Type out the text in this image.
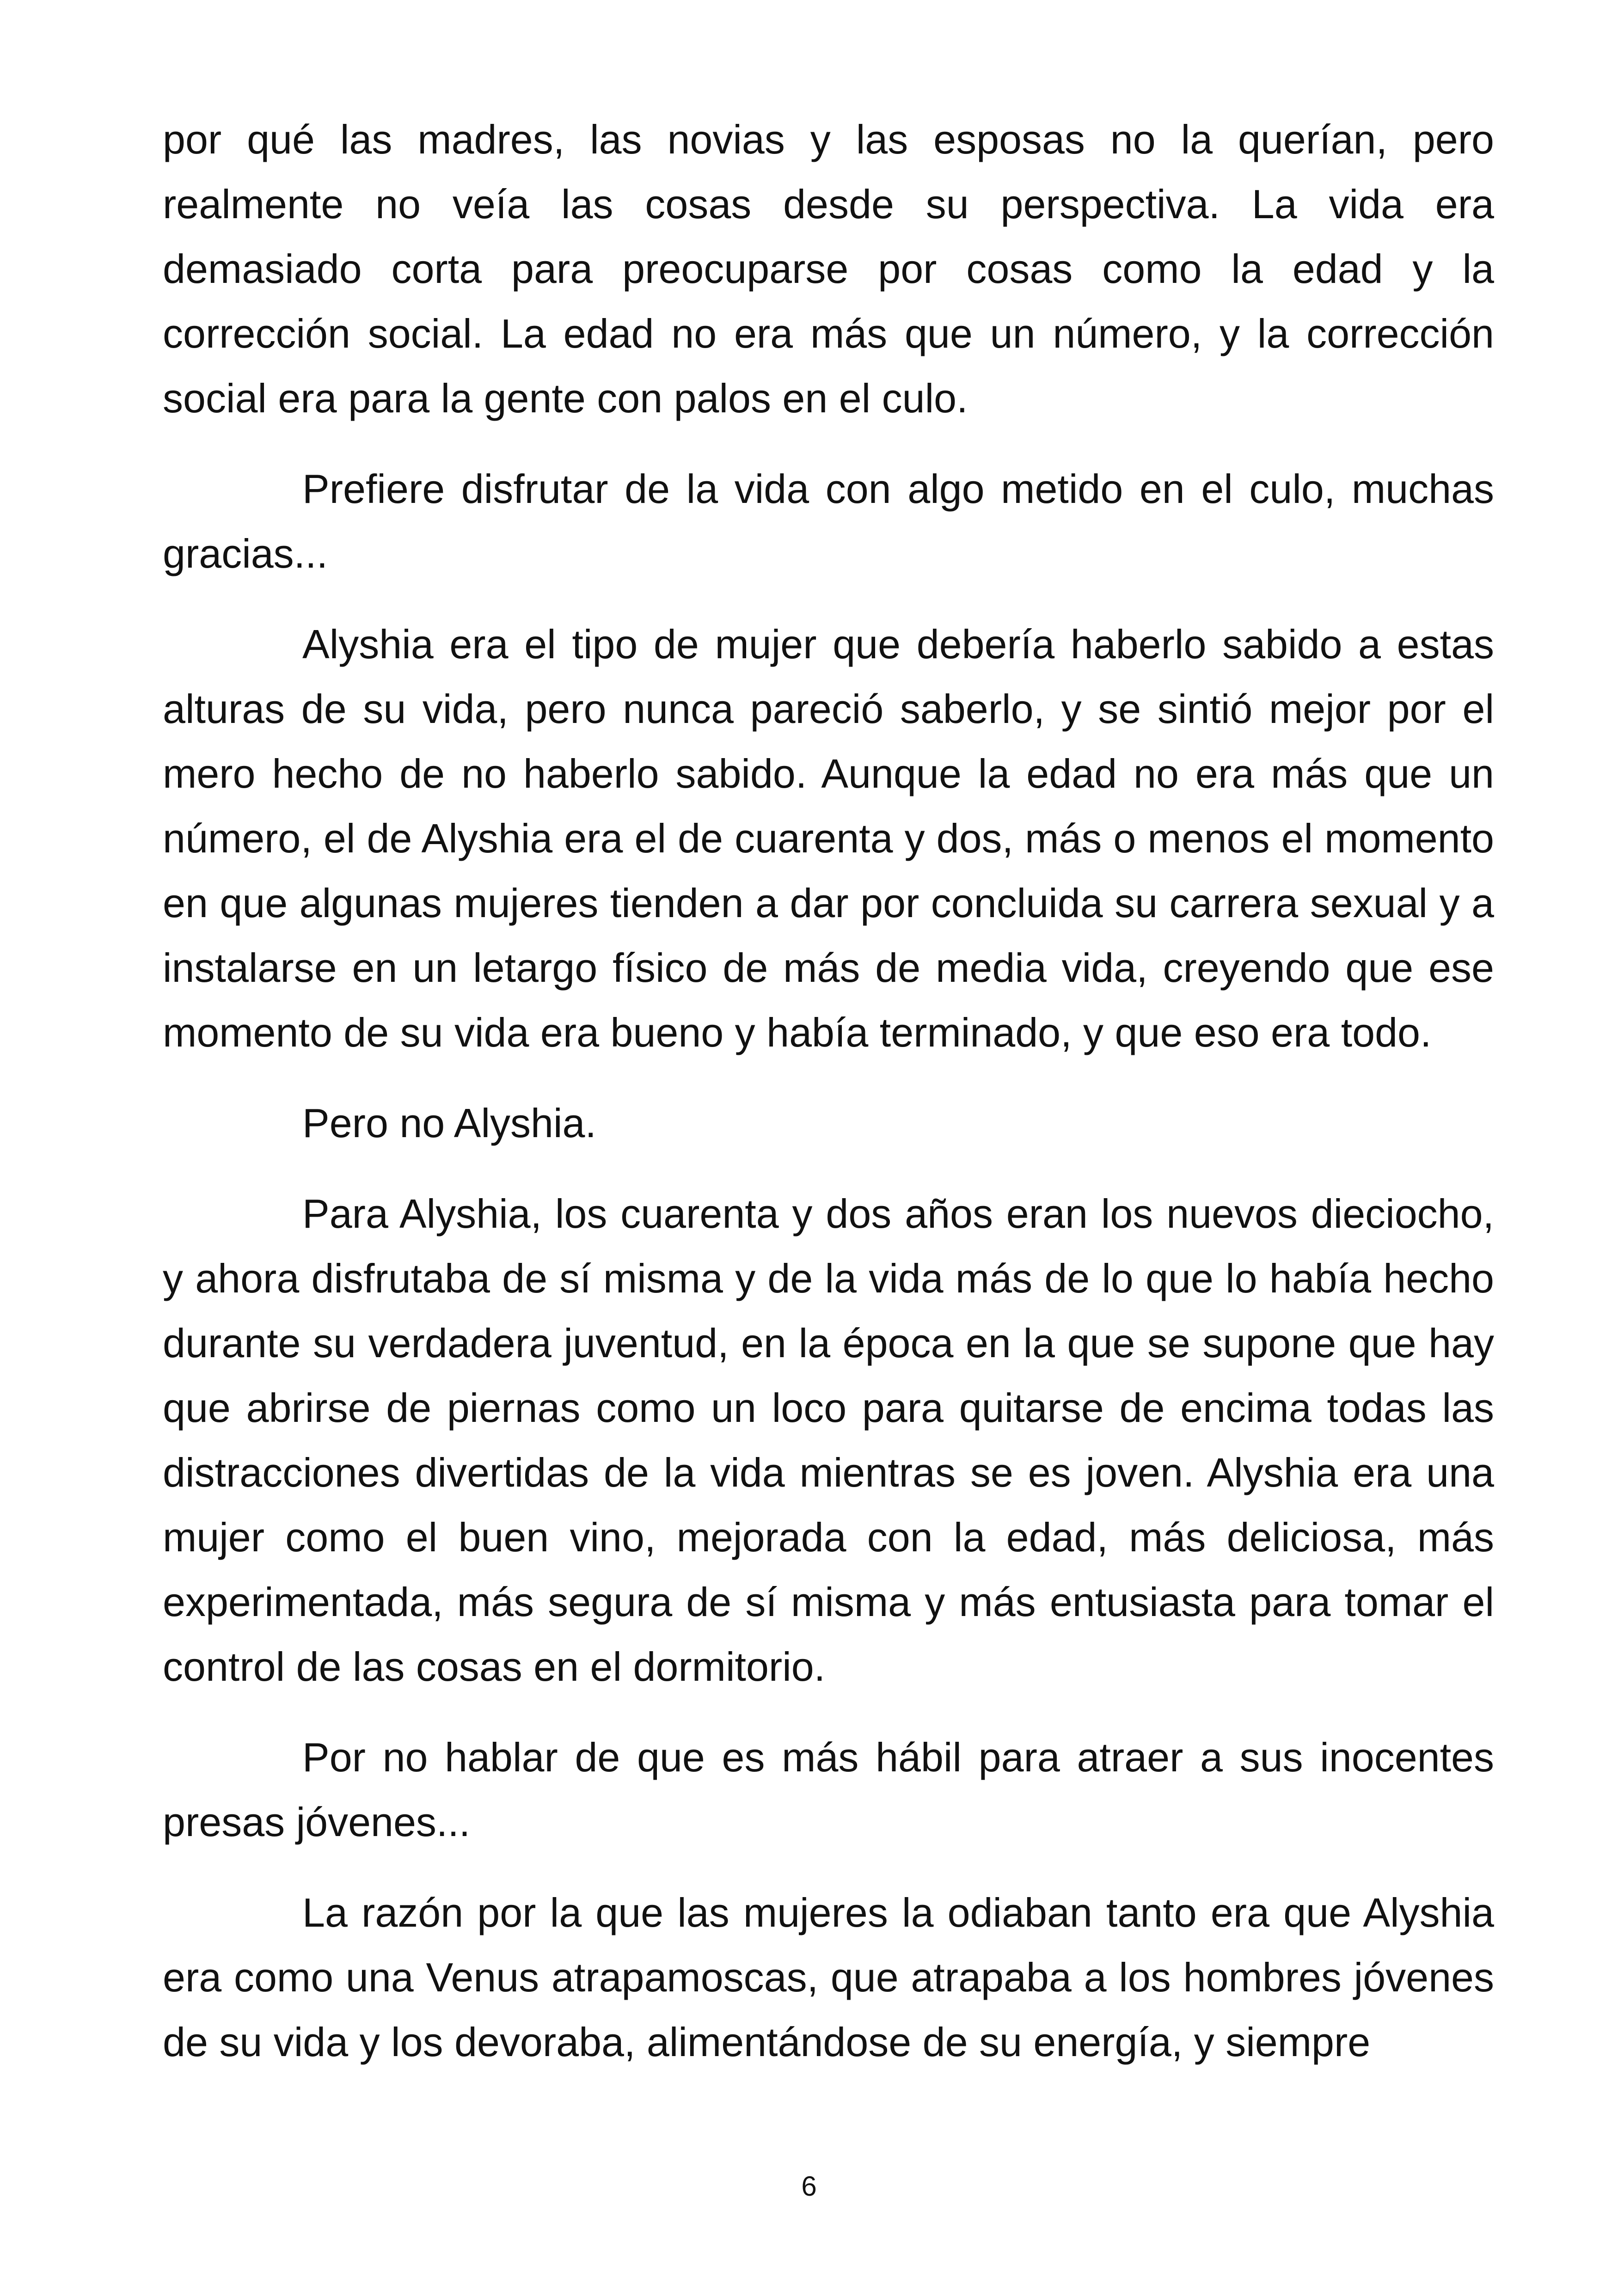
por qué las madres, las novias y las esposas no la querían, pero realmente no veía las cosas desde su perspectiva. La vida era demasiado corta para preocuparse por cosas como la edad y la corrección social. La edad no era más que un número, y la corrección social era para la gente con palos en el culo.

Prefiere disfrutar de la vida con algo metido en el culo, muchas gracias...

Alyshia era el tipo de mujer que debería haberlo sabido a estas alturas de su vida, pero nunca pareció saberlo, y se sintió mejor por el mero hecho de no haberlo sabido. Aunque la edad no era más que un número, el de Alyshia era el de cuarenta y dos, más o menos el momento en que algunas mujeres tienden a dar por concluida su carrera sexual y a instalarse en un letargo físico de más de media vida, creyendo que ese momento de su vida era bueno y había terminado, y que eso era todo.

Pero no Alyshia.

Para Alyshia, los cuarenta y dos años eran los nuevos dieciocho, y ahora disfrutaba de sí misma y de la vida más de lo que lo había hecho durante su verdadera juventud, en la época en la que se supone que hay que abrirse de piernas como un loco para quitarse de encima todas las distracciones divertidas de la vida mientras se es joven. Alyshia era una mujer como el buen vino, mejorada con la edad, más deliciosa, más experimentada, más segura de sí misma y más entusiasta para tomar el control de las cosas en el dormitorio.

Por no hablar de que es más hábil para atraer a sus inocentes presas jóvenes...

La razón por la que las mujeres la odiaban tanto era que Alyshia era como una Venus atrapamoscas, que atrapaba a los hombres jóvenes de su vida y los devoraba, alimentándose de su energía, y siempre

6
